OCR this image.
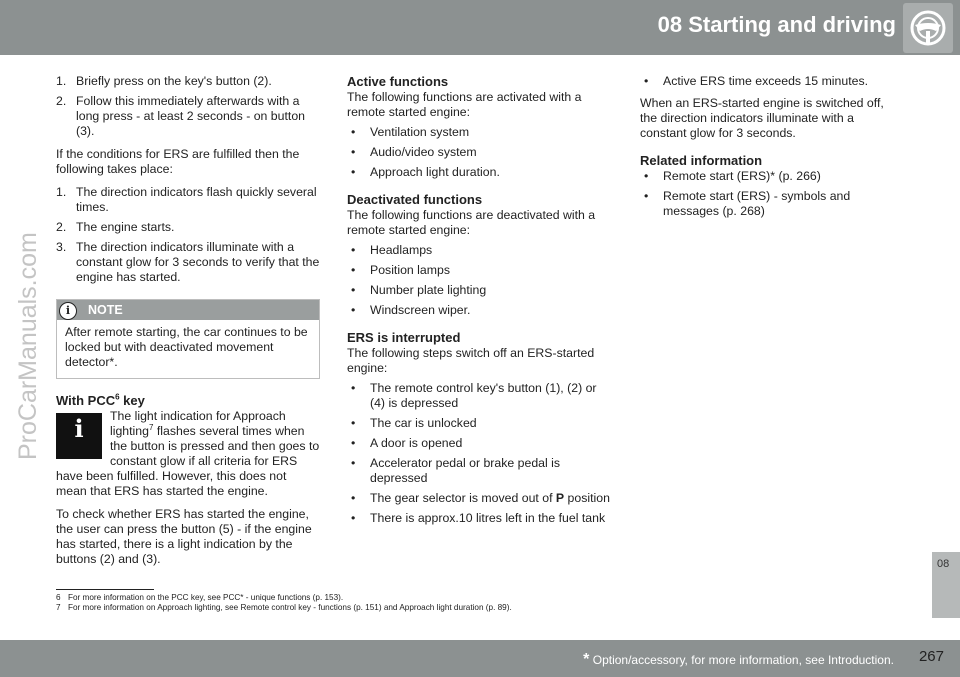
08 Starting and driving
ProCarManuals.com
1. Briefly press on the key's button (2).
2. Follow this immediately afterwards with a long press - at least 2 seconds - on button (3).

If the conditions for ERS are fulfilled then the following takes place:

1. The direction indicators flash quickly several times.
2. The engine starts.
3. The direction indicators illuminate with a constant glow for 3 seconds to verify that the engine has started.
i	NOTE
After remote starting, the car continues to be locked but with deactivated movement detector*.
With PCC$^6$ key
i	The light indication for Approach lighting$^7$ flashes several times when the button is pressed and then goes to constant glow if all criteria for ERS have been fulfilled. However, this does not mean that ERS has started the engine.

To check whether ERS has started the engine, the user can press the button (5) - if the engine has started, there is a light indication by the buttons (2) and (3).

Active functions

The following functions are activated with a remote started engine:

• Ventilation system
• Audio/video system
• Approach light duration.
Deactivated functions

The following functions are deactivated with a remote started engine:

• Headlamps
• Position lamps
• Number plate lighting
• Windscreen wiper.
ERS is interrupted

The following steps switch off an ERS-started engine:

• The remote control key's button (1), (2) or (4) is depressed
• The car is unlocked
• A door is opened
• Accelerator pedal or brake pedal is depressed
• The gear selector is moved out of P position
• There is approx.10 litres left in the fuel tank
• Active ERS time exceeds 15 minutes.

When an ERS-started engine is switched off, the direction indicators illuminate with a constant glow for 3 seconds.

Related information
• Remote start (ERS)* (p. 266)
• Remote start (ERS) - symbols and messages (p. 268)
6 For more information on the PCC key, see PCC* - unique functions (p. 153).
7 For more information on Approach lighting, see Remote control key - functions (p. 151) and Approach light duration (p. 89).
08
* Option/accessory, for more information, see Introduction. 267
